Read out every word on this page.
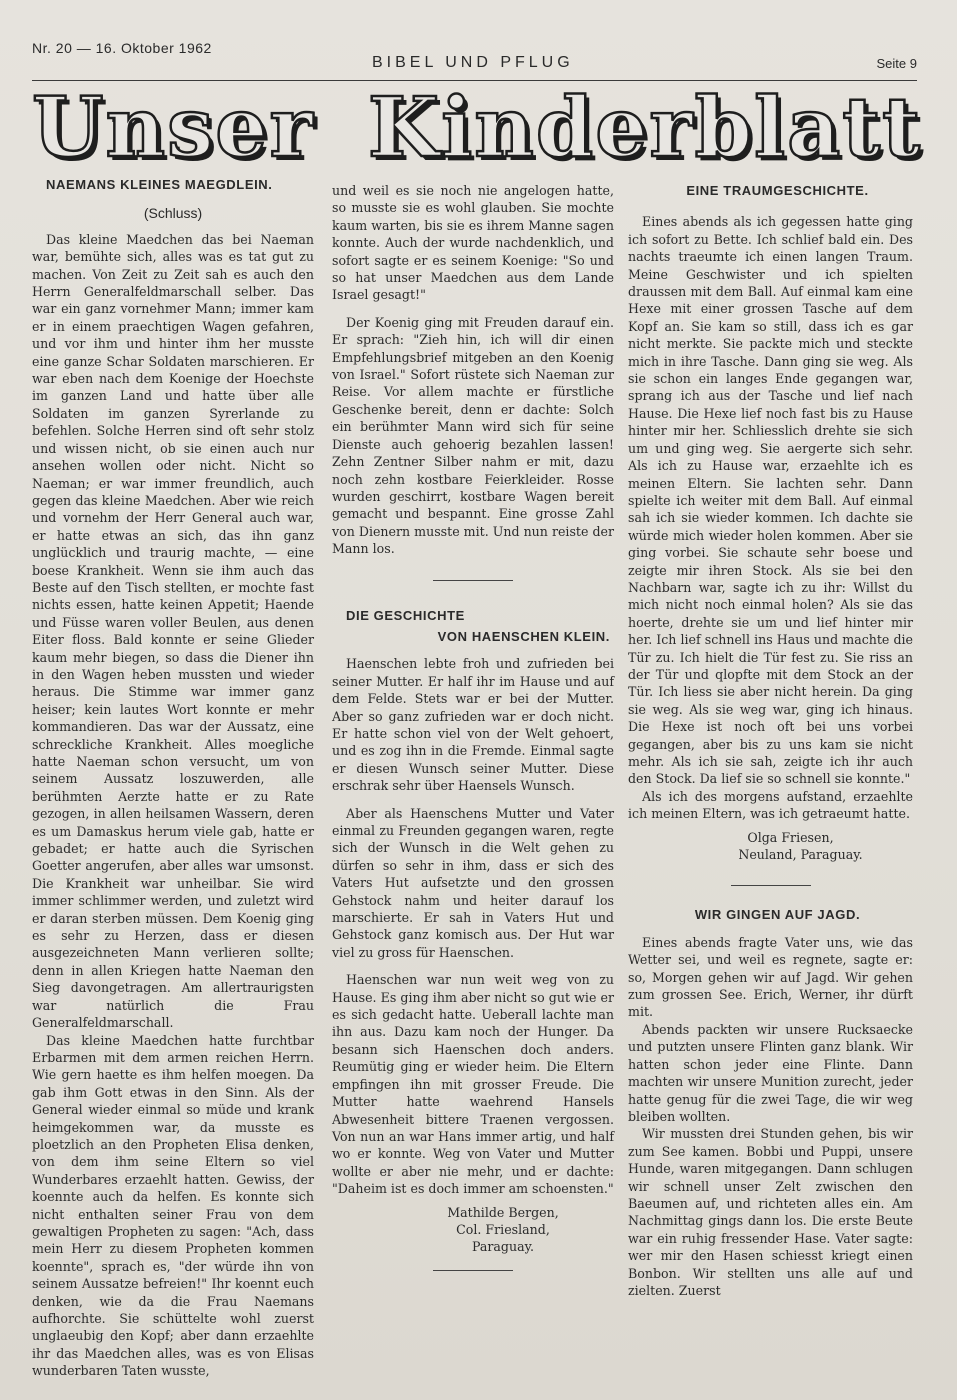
Nr. 20 — 16. Oktober 1962
BIBEL UND PFLUG	Seite 9
Unser Kinderblatt

NAEMANS KLEINES MAEGDLEIN.

(Schluss)

Das kleine Maedchen das bei Naeman war, bemühte sich, alles was es tat gut zu machen. Von Zeit zu Zeit sah es auch den Herrn Generalfeldmarschall selber. Das war ein ganz vornehmer Mann; immer kam er in einem praechtigen Wagen gefahren, und vor ihm und hinter ihm her musste eine ganze Schar Soldaten marschieren. Er war eben nach dem Koenige der Hoechste im ganzen Land und hatte über alle Soldaten im ganzen Syrerlande zu befehlen. Solche Herren sind oft sehr stolz und wissen nicht, ob sie einen auch nur ansehen wollen oder nicht. Nicht so Naeman; er war immer freundlich, auch gegen das kleine Maedchen. Aber wie reich und vornehm der Herr General auch war, er hatte etwas an sich, das ihn ganz unglücklich und traurig machte, — eine boese Krankheit. Wenn sie ihm auch das Beste auf den Tisch stellten, er mochte fast nichts essen, hatte keinen Appetit; Haende und Füsse waren voller Beulen, aus denen Eiter floss. Bald konnte er seine Glieder kaum mehr biegen, so dass die Diener ihn in den Wagen heben mussten und wieder heraus. Die Stimme war immer ganz heiser; kein lautes Wort konnte er mehr kommandieren. Das war der Aussatz, eine schreckliche Krankheit. Alles moegliche hatte Naeman schon versucht, um von seinem Aussatz loszuwerden, alle berühmten Aerzte hatte er zu Rate gezogen, in allen heilsamen Wassern, deren es um Damaskus herum viele gab, hatte er gebadet; er hatte auch die Syrischen Goetter angerufen, aber alles war umsonst. Die Krankheit war unheilbar. Sie wird immer schlimmer werden, und zuletzt wird er daran sterben müssen. Dem Koenig ging es sehr zu Herzen, dass er diesen ausgezeichneten Mann verlieren sollte; denn in allen Kriegen hatte Naeman den Sieg davongetragen. Am allertraurigsten war natürlich die Frau Generalfeldmarschall.

Das kleine Maedchen hatte furchtbar Erbarmen mit dem armen reichen Herrn. Wie gern haette es ihm helfen moegen. Da gab ihm Gott etwas in den Sinn. Als der General wieder einmal so müde und krank heimgekommen war, da musste es ploetzlich an den Propheten Elisa denken, von dem ihm seine Eltern so viel Wunderbares erzaehlt hatten. Gewiss, der koennte auch da helfen. Es konnte sich nicht enthalten seiner Frau von dem gewaltigen Propheten zu sagen: "Ach, dass mein Herr zu diesem Propheten kommen koennte", sprach es, "der würde ihn von seinem Aussatze befreien!" Ihr koennt euch denken, wie da die Frau Naemans aufhorchte. Sie schüttelte wohl zuerst unglaeubig den Kopf; aber dann erzaehlte ihr das Maedchen alles, was es von Elisas wunderbaren Taten wusste,

und weil es sie noch nie angelogen hatte, so musste sie es wohl glauben. Sie mochte kaum warten, bis sie es ihrem Manne sagen konnte. Auch der wurde nachdenklich, und sofort sagte er es seinem Koenige: "So und so hat unser Maedchen aus dem Lande Israel gesagt!"

Der Koenig ging mit Freuden darauf ein. Er sprach: "Zieh hin, ich will dir einen Empfehlungsbrief mitgeben an den Koenig von Israel." Sofort rüstete sich Naeman zur Reise. Vor allem machte er fürstliche Geschenke bereit, denn er dachte: Solch ein berühmter Mann wird sich für seine Dienste auch gehoerig bezahlen lassen! Zehn Zentner Silber nahm er mit, dazu noch zehn kostbare Feierkleider. Rosse wurden geschirrt, kostbare Wagen bereit gemacht und bespannt. Eine grosse Zahl von Dienern musste mit. Und nun reiste der Mann los.

DIE GESCHICHTE

VON HAENSCHEN KLEIN.

Haenschen lebte froh und zufrieden bei seiner Mutter. Er half ihr im Hause und auf dem Felde. Stets war er bei der Mutter. Aber so ganz zufrieden war er doch nicht. Er hatte schon viel von der Welt gehoert, und es zog ihn in die Fremde. Einmal sagte er diesen Wunsch seiner Mutter. Diese erschrak sehr über Haensels Wunsch.

Aber als Haenschens Mutter und Vater einmal zu Freunden gegangen waren, regte sich der Wunsch in die Welt gehen zu dürfen so sehr in ihm, dass er sich des Vaters Hut aufsetzte und den grossen Gehstock nahm und heiter darauf los marschierte. Er sah in Vaters Hut und Gehstock ganz komisch aus. Der Hut war viel zu gross für Haenschen.

Haenschen war nun weit weg von zu Hause. Es ging ihm aber nicht so gut wie er es sich gedacht hatte. Ueberall lachte man ihn aus. Dazu kam noch der Hunger. Da besann sich Haenschen doch anders. Reumütig ging er wieder heim. Die Eltern empfingen ihn mit grosser Freude. Die Mutter hatte waehrend Hansels Abwesenheit bittere Traenen vergossen. Von nun an war Hans immer artig, und half wo er konnte. Weg von Vater und Mutter wollte er aber nie mehr, und er dachte: "Daheim ist es doch immer am schoensten."

Mathilde Bergen,

Col. Friesland,

Paraguay.

EINE TRAUMGESCHICHTE.

Eines abends als ich gegessen hatte ging ich sofort zu Bette. Ich schlief bald ein. Des nachts traeumte ich einen langen Traum. Meine Geschwister und ich spielten draussen mit dem Ball. Auf einmal kam eine Hexe mit einer grossen Tasche auf dem Kopf an. Sie kam so still, dass ich es gar nicht merkte. Sie packte mich und steckte mich in ihre Tasche. Dann ging sie weg. Als sie schon ein langes Ende gegangen war, sprang ich aus der Tasche und lief nach Hause. Die Hexe lief noch fast bis zu Hause hinter mir her. Schliesslich drehte sie sich um und ging weg. Sie aergerte sich sehr. Als ich zu Hause war, erzaehlte ich es meinen Eltern. Sie lachten sehr. Dann spielte ich weiter mit dem Ball. Auf einmal sah ich sie wieder kommen. Ich dachte sie würde mich wieder holen kommen. Aber sie ging vorbei. Sie schaute sehr boese und zeigte mir ihren Stock. Als sie bei den Nachbarn war, sagte ich zu ihr: Willst du mich nicht noch einmal holen? Als sie das hoerte, drehte sie um und lief hinter mir her. Ich lief schnell ins Haus und machte die Tür zu. Ich hielt die Tür fest zu. Sie riss an der Tür und qlopfte mit dem Stock an der Tür. Ich liess sie aber nicht herein. Da ging sie weg. Als sie weg war, ging ich hinaus. Die Hexe ist noch oft bei uns vorbei gegangen, aber bis zu uns kam sie nicht mehr. Als ich sie sah, zeigte ich ihr auch den Stock. Da lief sie so schnell sie konnte."

Als ich des morgens aufstand, erzaehlte ich meinen Eltern, was ich getraeumt hatte.

Olga Friesen,

Neuland, Paraguay.

WIR GINGEN AUF JAGD.

Eines abends fragte Vater uns, wie das Wetter sei, und weil es regnete, sagte er: so, Morgen gehen wir auf Jagd. Wir gehen zum grossen See. Erich, Werner, ihr dürft mit.

Abends packten wir unsere Rucksaecke und putzten unsere Flinten ganz blank. Wir hatten schon jeder eine Flinte. Dann machten wir unsere Munition zurecht, jeder hatte genug für die zwei Tage, die wir weg bleiben wollten.

Wir mussten drei Stunden gehen, bis wir zum See kamen. Bobbi und Puppi, unsere Hunde, waren mitgegangen. Dann schlugen wir schnell unser Zelt zwischen den Baeumen auf, und richteten alles ein. Am Nachmittag gings dann los. Die erste Beute war ein ruhig fressender Hase. Vater sagte: wer mir den Hasen schiesst kriegt einen Bonbon. Wir stellten uns alle auf und zielten. Zuerst
